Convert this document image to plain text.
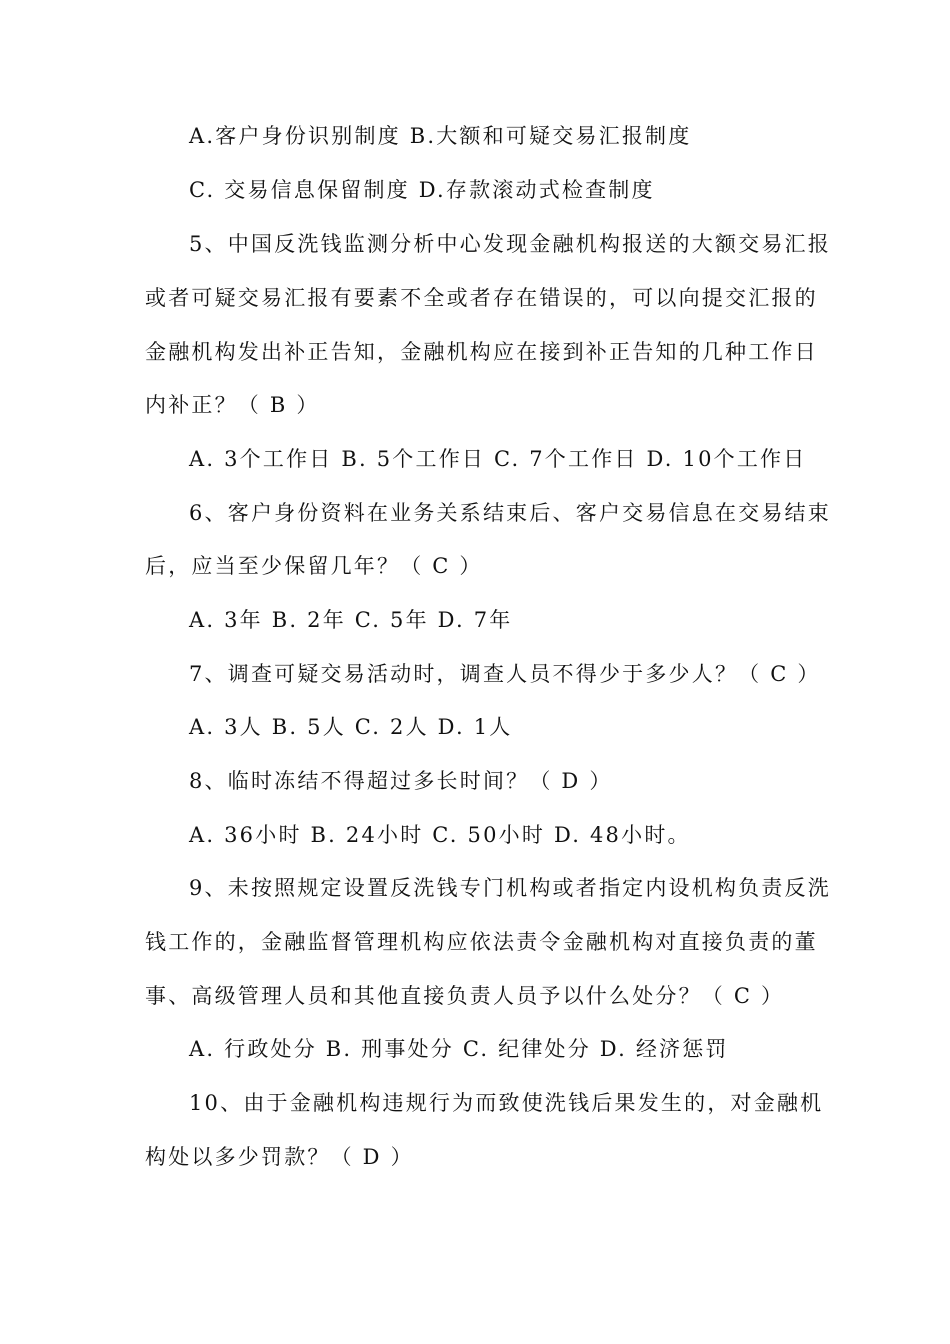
A.客户身份识别制度 B.大额和可疑交易汇报制度
C. 交易信息保留制度 D.存款滚动式检查制度
5、中国反洗钱监测分析中心发现金融机构报送的大额交易汇报
或者可疑交易汇报有要素不全或者存在错误的，可以向提交汇报的
金融机构发出补正告知，金融机构应在接到补正告知的几种工作日
内补正？（ B ）
A. 3个工作日 B. 5个工作日 C. 7个工作日 D. 10个工作日
6、客户身份资料在业务关系结束后、客户交易信息在交易结束
后，应当至少保留几年？（ C ）
A. 3年 B. 2年 C. 5年 D. 7年
7、调查可疑交易活动时，调查人员不得少于多少人？（ C ）
A. 3人 B. 5人 C. 2人 D. 1人
8、临时冻结不得超过多长时间？（ D ）
A. 36小时 B. 24小时 C. 50小时 D. 48小时。
9、未按照规定设置反洗钱专门机构或者指定内设机构负责反洗
钱工作的，金融监督管理机构应依法责令金融机构对直接负责的董
事、高级管理人员和其他直接负责人员予以什么处分？（ C ）
A. 行政处分 B. 刑事处分 C. 纪律处分 D. 经济惩罚
10、由于金融机构违规行为而致使洗钱后果发生的，对金融机
构处以多少罚款？（ D ）
